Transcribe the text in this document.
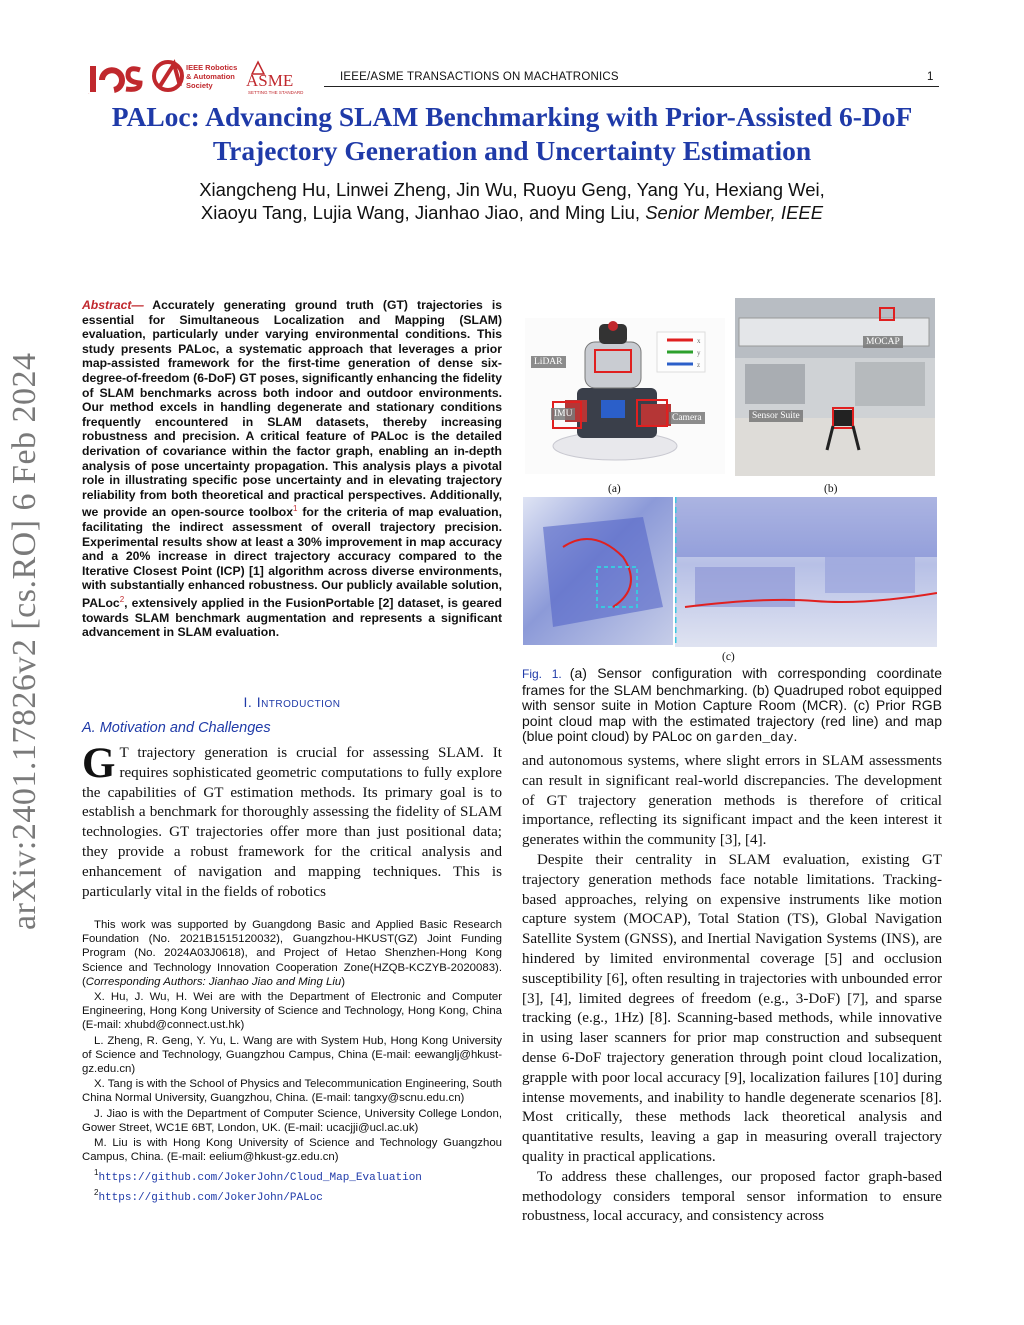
ies
IEEE Robotics
& Automation
Society ASME
SETTING THE STANDARD
IEEE/ASME TRANSACTIONS ON MACHATRONICS	1
PALoc: Advancing SLAM Benchmarking with Prior-Assisted 6-DoF
Trajectory Generation and Uncertainty Estimation
Xiangcheng Hu, Linwei Zheng, Jin Wu, Ruoyu Geng, Yang Yu, Hexiang Wei,
Xiaoyu Tang, Lujia Wang, Jianhao Jiao, and Ming Liu, Senior Member, IEEE
arXiv:2401.17826v2 [cs.RO] 6 Feb 2024
Abstract— Accurately generating ground truth (GT) trajectories is essential for Simultaneous Localization and Mapping (SLAM) evaluation, particularly under varying environmental conditions. This study presents PALoc, a systematic approach that leverages a prior map-assisted framework for the first-time generation of dense six-degree-of-freedom (6-DoF) GT poses, significantly enhancing the fidelity of SLAM benchmarks across both indoor and outdoor environments. Our method excels in handling degenerate and stationary conditions frequently encountered in SLAM datasets, thereby increasing robustness and precision. A critical feature of PALoc is the detailed derivation of covariance within the factor graph, enabling an in-depth analysis of pose uncertainty propagation. This analysis plays a pivotal role in illustrating specific pose uncertainty and in elevating trajectory reliability from both theoretical and practical perspectives. Additionally, we provide an open-source toolbox$^1$ for the criteria of map evaluation, facilitating the indirect assessment of overall trajectory precision. Experimental results show at least a 30% improvement in map accuracy and a 20% increase in direct trajectory accuracy compared to the Iterative Closest Point (ICP) [1] algorithm across diverse environments, with substantially enhanced robustness. Our publicly available solution, PALoc$^2$, extensively applied in the FusionPortable [2] dataset, is geared towards SLAM benchmark augmentation and represents a significant advancement in SLAM evaluation.
I. Introduction
A. Motivation and Challenges
G T trajectory generation is crucial for assessing SLAM. It requires sophisticated geometric computations to fully explore the capabilities of GT estimation methods. Its primary goal is to establish a benchmark for thoroughly assessing the fidelity of SLAM technologies. GT trajectories offer more than just positional data; they provide a robust framework for the critical analysis and enhancement of navigation and mapping techniques. This is particularly vital in the fields of robotics

This work was supported by Guangdong Basic and Applied Basic Research Foundation (No. 2021B1515120032), Guangzhou-HKUST(GZ) Joint Funding Program (No. 2024A03J0618), and Project of Hetao Shenzhen-Hong Kong Science and Technology Innovation Cooperation Zone(HZQB-KCZYB-2020083). (Corresponding Authors: Jianhao Jiao and Ming Liu)

X. Hu, J. Wu, H. Wei are with the Department of Electronic and Computer Engineering, Hong Kong University of Science and Technology, Hong Kong, China (E-mail: xhubd@connect.ust.hk)

L. Zheng, R. Geng, Y. Yu, L. Wang are with System Hub, Hong Kong University of Science and Technology, Guangzhou Campus, China (E-mail: eewanglj@hkust-gz.edu.cn)

X. Tang is with the School of Physics and Telecommunication Engineering, South China Normal University, Guangzhou, China. (E-mail: tangxy@scnu.edu.cn)

J. Jiao is with the Department of Computer Science, University College London, Gower Street, WC1E 6BT, London, UK. (E-mail: ucacjji@ucl.ac.uk)

M. Liu is with Hong Kong University of Science and Technology Guangzhou Campus, China. (E-mail: eelium@hkust-gz.edu.cn)

$^1$https://github.com/JokerJohn/Cloud_Map_Evaluation

$^2$https://github.com/JokerJohn/PALoc

x
y
z
LiDAR
IMU	Camera
(a)
MOCAP
Sensor Suite
(b)
(c)
Fig. 1. (a) Sensor configuration with corresponding coordinate frames for the SLAM benchmarking. (b) Quadruped robot equipped with sensor suite in Motion Capture Room (MCR). (c) Prior RGB point cloud map with the estimated trajectory (red line) and map (blue point cloud) by PALoc on garden_day.

and autonomous systems, where slight errors in SLAM assessments can result in significant real-world discrepancies. The development of GT trajectory generation methods is therefore of critical importance, reflecting its significant impact and the keen interest it generates within the community [3], [4].

Despite their centrality in SLAM evaluation, existing GT trajectory generation methods face notable limitations. Tracking-based approaches, relying on expensive instruments like motion capture system (MOCAP), Total Station (TS), Global Navigation Satellite System (GNSS), and Inertial Navigation Systems (INS), are hindered by limited environmental coverage [5] and occlusion susceptibility [6], often resulting in trajectories with unbounded error [3], [4], limited degrees of freedom (e.g., 3-DoF) [7], and sparse tracking (e.g., 1Hz) [8]. Scanning-based methods, while innovative in using laser scanners for prior map construction and subsequent dense 6-DoF trajectory generation through point cloud localization, grapple with poor local accuracy [9], localization failures [10] during intense movements, and inability to handle degenerate scenarios [8]. Most critically, these methods lack theoretical analysis and quantitative results, leaving a gap in measuring overall trajectory quality in practical applications.

To address these challenges, our proposed factor graph-based methodology considers temporal sensor information to ensure robustness, local accuracy, and consistency across
